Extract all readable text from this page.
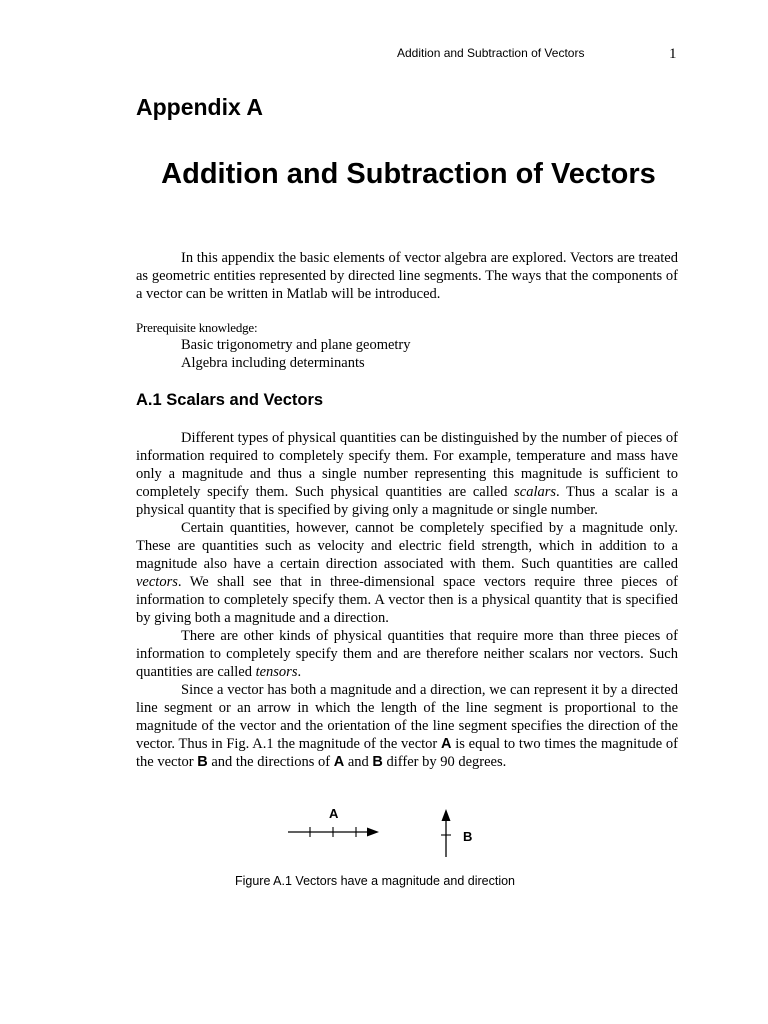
Addition and Subtraction of Vectors	1
Appendix A
Addition and Subtraction of Vectors

In this appendix the basic elements of vector algebra are explored. Vectors are treated as geometric entities represented by directed line segments. The ways that the components of a vector can be written in Matlab will be introduced.

Prerequisite knowledge:
Basic trigonometry and plane geometry
Algebra including determinants
A.1 Scalars and Vectors

Different types of physical quantities can be distinguished by the number of pieces of information required to completely specify them. For example, temperature and mass have only a magnitude and thus a single number representing this magnitude is sufficient to completely specify them. Such physical quantities are called scalars. Thus a scalar is a physical quantity that is specified by giving only a magnitude or single number.

Certain quantities, however, cannot be completely specified by a magnitude only. These are quantities such as velocity and electric field strength, which in addition to a magnitude also have a certain direction associated with them. Such quantities are called vectors. We shall see that in three-dimensional space vectors require three pieces of information to completely specify them. A vector then is a physical quantity that is specified by giving both a magnitude and a direction.

There are other kinds of physical quantities that require more than three pieces of information to completely specify them and are therefore neither scalars nor vectors. Such quantities are called tensors.

Since a vector has both a magnitude and a direction, we can represent it by a directed line segment or an arrow in which the length of the line segment is proportional to the magnitude of the vector and the orientation of the line segment specifies the direction of the vector. Thus in Fig. A.1 the magnitude of the vector A is equal to two times the magnitude of the vector B and the directions of A and B differ by 90 degrees.

A
B
Figure A.1 Vectors have a magnitude and direction
